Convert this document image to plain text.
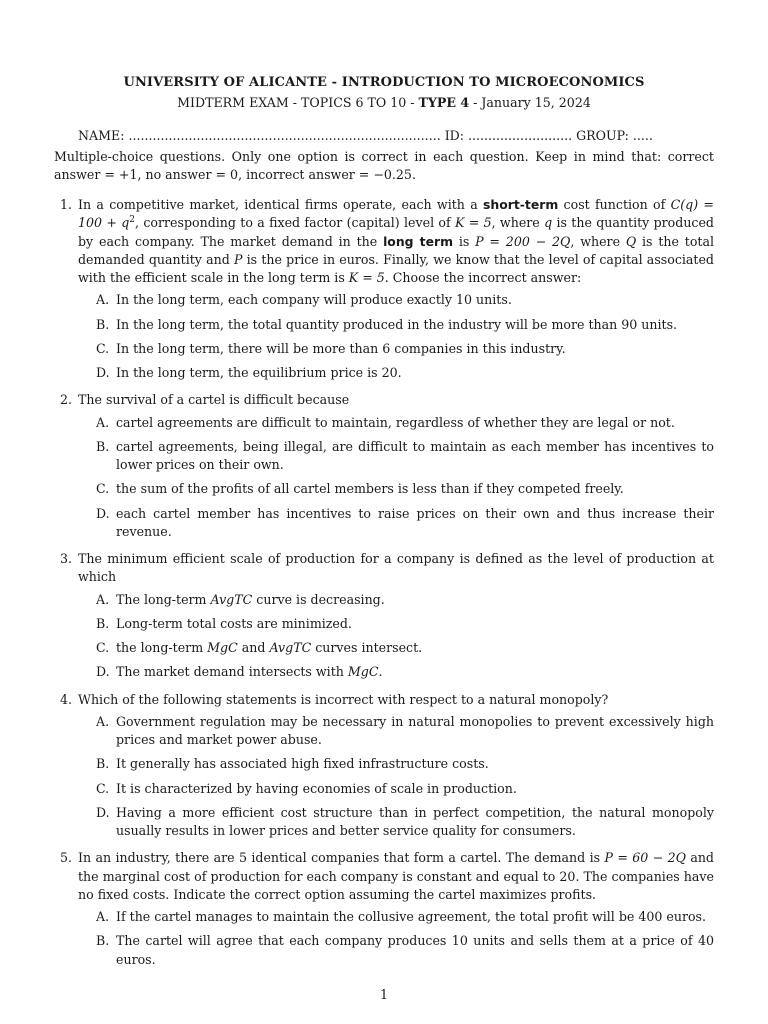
UNIVERSITY OF ALICANTE - INTRODUCTION TO MICROECONOMICS
MIDTERM EXAM - TOPICS 6 TO 10 - TYPE 4 - January 15, 2024
NAME: .............................................................................. ID: .......................... GROUP: .....
Multiple-choice questions. Only one option is correct in each question. Keep in mind that: correct answer = +1, no answer = 0, incorrect answer = −0.25.
1. In a competitive market, identical firms operate, each with a short-term cost function of $C(q) = 100 + q^2$, corresponding to a fixed factor (capital) level of K = 5, where q is the quantity produced by each company. The market demand in the long term is P = 200 − 2Q, where Q is the total demanded quantity and P is the price in euros. Finally, we know that the level of capital associated with the efficient scale in the long term is K = 5. Choose the incorrect answer:
A. In the long term, each company will produce exactly 10 units.
B. In the long term, the total quantity produced in the industry will be more than 90 units.
C. In the long term, there will be more than 6 companies in this industry.
D. In the long term, the equilibrium price is 20.
2. The survival of a cartel is difficult because
A. cartel agreements are difficult to maintain, regardless of whether they are legal or not.
B. cartel agreements, being illegal, are difficult to maintain as each member has incentives to lower prices on their own.
C. the sum of the profits of all cartel members is less than if they competed freely.
D. each cartel member has incentives to raise prices on their own and thus increase their revenue.
3. The minimum efficient scale of production for a company is defined as the level of production at which
A. The long-term AvgTC curve is decreasing.
B. Long-term total costs are minimized.
C. the long-term MgC and AvgTC curves intersect.
D. The market demand intersects with MgC.
4. Which of the following statements is incorrect with respect to a natural monopoly?
A. Government regulation may be necessary in natural monopolies to prevent excessively high prices and market power abuse.
B. It generally has associated high fixed infrastructure costs.
C. It is characterized by having economies of scale in production.
D. Having a more efficient cost structure than in perfect competition, the natural monopoly usually results in lower prices and better service quality for consumers.
5. In an industry, there are 5 identical companies that form a cartel. The demand is P = 60 − 2Q and the marginal cost of production for each company is constant and equal to 20. The companies have no fixed costs. Indicate the correct option assuming the cartel maximizes profits.
A. If the cartel manages to maintain the collusive agreement, the total profit will be 400 euros.
B. The cartel will agree that each company produces 10 units and sells them at a price of 40 euros.
1
